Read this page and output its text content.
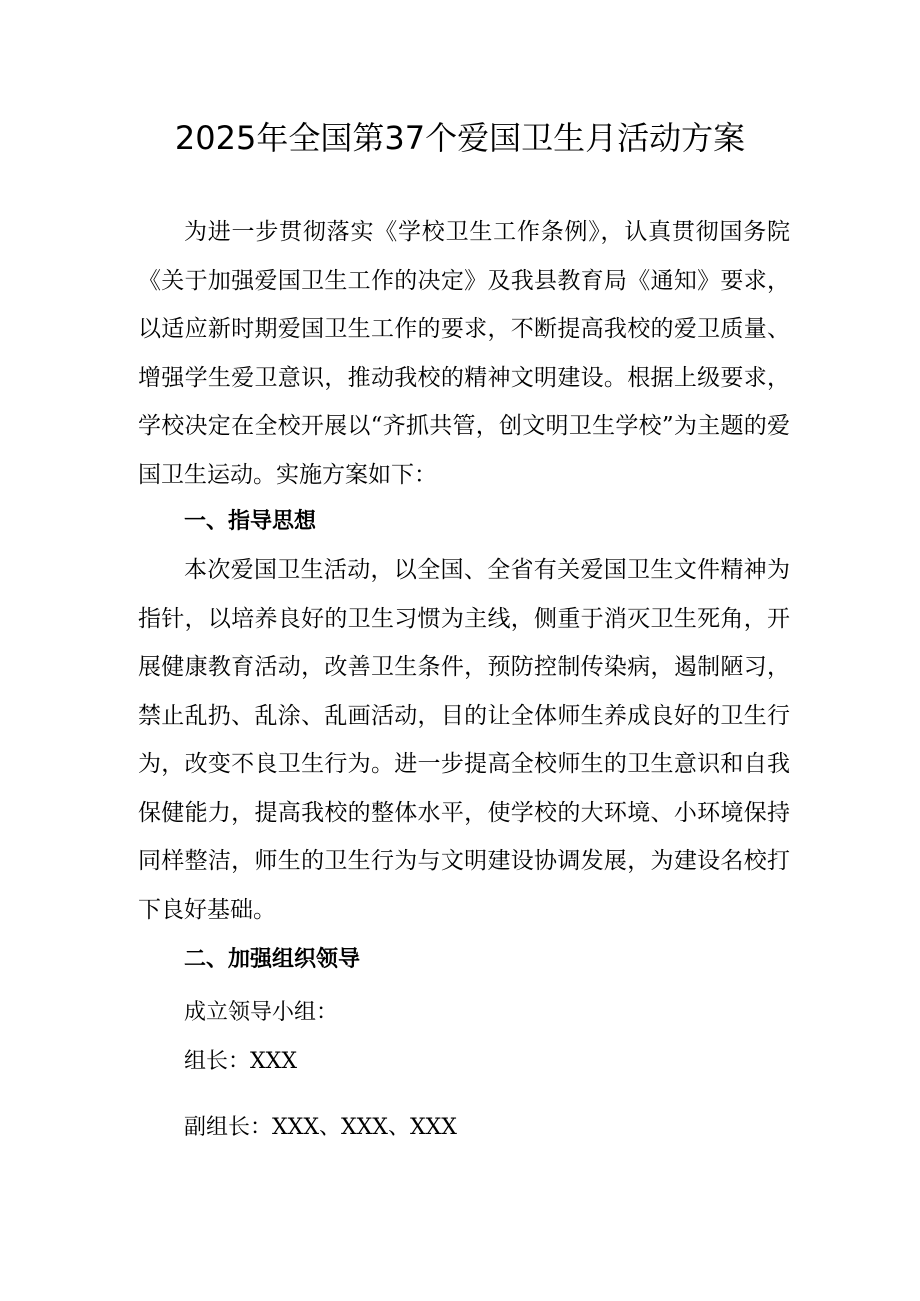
2025年全国第37个爱国卫生月活动方案
为进一步贯彻落实《学校卫生工作条例》，认真贯彻国务院《关于加强爱国卫生工作的决定》及我县教育局《通知》要求，以适应新时期爱国卫生工作的要求，不断提高我校的爱卫质量、增强学生爱卫意识，推动我校的精神文明建设。根据上级要求，学校决定在全校开展以“齐抓共管，创文明卫生学校”为主题的爱国卫生运动。实施方案如下：
一、指导思想
本次爱国卫生活动，以全国、全省有关爱国卫生文件精神为指针，以培养良好的卫生习惯为主线，侧重于消灭卫生死角，开展健康教育活动，改善卫生条件，预防控制传染病，遏制陋习，禁止乱扔、乱涂、乱画活动，目的让全体师生养成良好的卫生行为，改变不良卫生行为。进一步提高全校师生的卫生意识和自我保健能力，提高我校的整体水平，使学校的大环境、小环境保持同样整洁，师生的卫生行为与文明建设协调发展，为建设名校打下良好基础。
二、加强组织领导
成立领导小组：
组长：XXX
副组长：XXX、XXX、XXX
